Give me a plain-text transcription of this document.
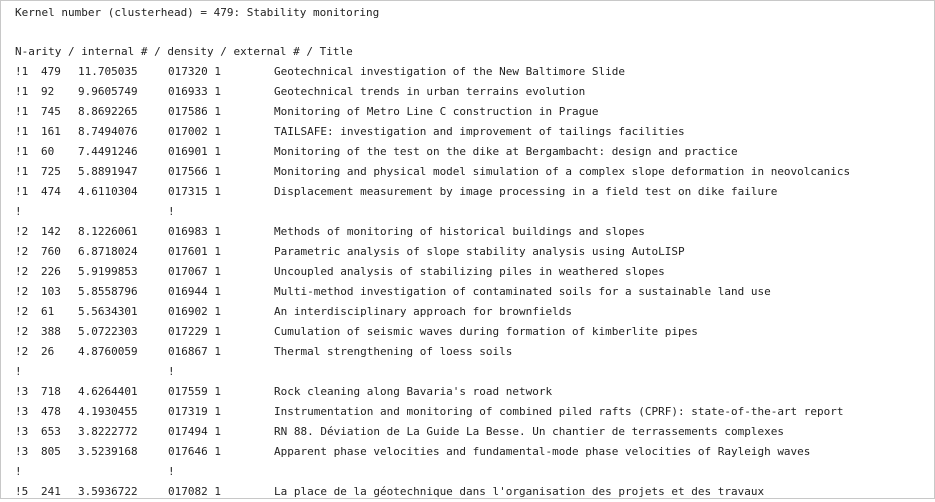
Kernel number (clusterhead) = 479: Stability monitoring
N-arity / internal # / density / external # / Title
!1 479 11.705035	017320 1	Geotechnical investigation of the New Baltimore Slide
!1 92 9.9605749	016933 1	Geotechnical trends in urban terrains evolution
!1 745 8.8692265	017586 1	Monitoring of Metro Line C construction in Prague
!1 161 8.7494076	017002 1	TAILSAFE: investigation and improvement of tailings facilities
!1 60 7.4491246	016901 1	Monitoring of the test on the dike at Bergambacht: design and practice
!1 725 5.8891947	017566 1	Monitoring and physical model simulation of a complex slope deformation in neovolcanics
!1 474 4.6110304	017315 1	Displacement measurement by image processing in a field test on dike failure
!	!
!2 142 8.1226061	016983 1	Methods of monitoring of historical buildings and slopes
!2 760 6.8718024	017601 1	Parametric analysis of slope stability analysis using AutoLISP
!2 226 5.9199853	017067 1	Uncoupled analysis of stabilizing piles in weathered slopes
!2 103 5.8558796	016944 1	Multi-method investigation of contaminated soils for a sustainable land use
!2 61 5.5634301	016902 1	An interdisciplinary approach for brownfields
!2 388 5.0722303	017229 1	Cumulation of seismic waves during formation of kimberlite pipes
!2 26 4.8760059	016867 1	Thermal strengthening of loess soils
!	!
!3 718 4.6264401	017559 1	Rock cleaning along Bavaria's road network
!3 478 4.1930455	017319 1	Instrumentation and monitoring of combined piled rafts (CPRF): state-of-the-art report
!3 653 3.8222772	017494 1	RN 88. Déviation de La Guide La Besse. Un chantier de terrassements complexes
!3 805 3.5239168	017646 1	Apparent phase velocities and fundamental-mode phase velocities of Rayleigh waves
!	!
!5 241 3.5936722	017082 1	La place de la géotechnique dans l'organisation des projets et des travaux
